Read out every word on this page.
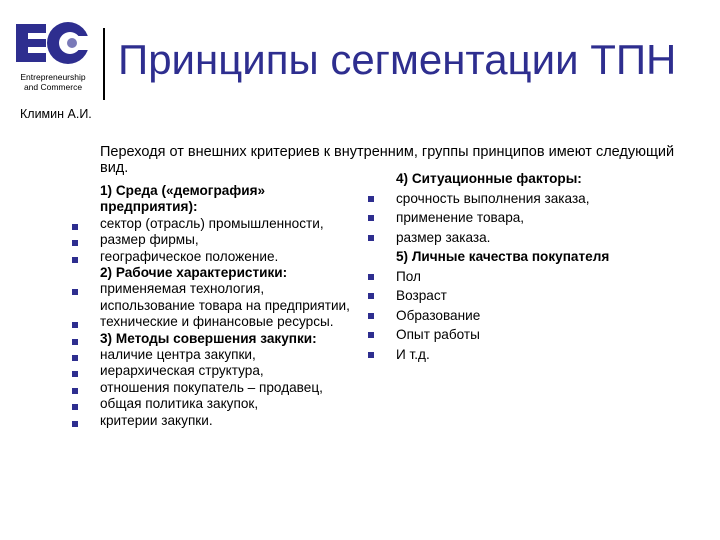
Entrepreneurship
and Commerce
Принципы сегментации ТПН
Климин А.И.
Переходя от внешних критериев к внутренним, группы принципов имеют следующий вид.
1) Среда («демография» предприятия):
сектор (отрасль) промышленности,
размер фирмы,
географическое положение.
2) Рабочие характеристики:
применяемая технология,
использование товара на предприятии,
технические и финансовые ресурсы.
3) Методы совершения закупки:
наличие центра закупки,
иерархическая структура,
отношения покупатель – продавец,
общая политика закупок,
критерии закупки.
4) Ситуационные факторы:
срочность выполнения заказа,
применение товара,
размер заказа.
5) Личные качества покупателя
Пол
Возраст
Образование
Опыт работы
И т.д.
